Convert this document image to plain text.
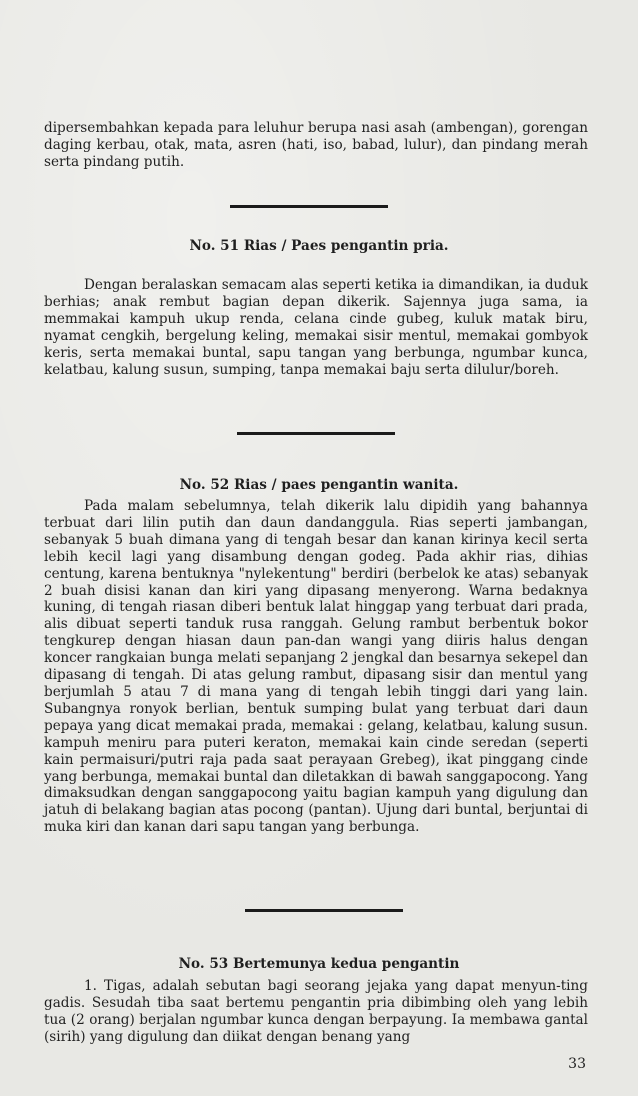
dipersembahkan kepada para leluhur berupa nasi asah (ambengan), gorengan daging kerbau, otak, mata, asren (hati, iso, babad, lulur), dan pindang merah serta pindang putih.

No. 51 Rias / Paes pengantin pria.

Dengan beralaskan semacam alas seperti ketika ia dimandikan, ia duduk berhias; anak rembut bagian depan dikerik. Sajennya juga sama, ia memmakai kampuh ukup renda, celana cinde gubeg, kuluk matak biru, nyamat cengkih, bergelung keling, memakai sisir mentul, memakai gombyok keris, serta memakai buntal, sapu tangan yang berbunga, ngumbar kunca, kelatbau, kalung susun, sumping, tanpa memakai baju serta dilulur/boreh.

No. 52 Rias / paes pengantin wanita.

Pada malam sebelumnya, telah dikerik lalu dipidih yang bahannya terbuat dari lilin putih dan daun dandanggula. Rias seperti jambangan, sebanyak 5 buah dimana yang di tengah besar dan kanan kirinya kecil serta lebih kecil lagi yang disambung dengan godeg. Pada akhir rias, dihias centung, karena bentuknya "nylekentung" berdiri (berbelok ke atas) sebanyak 2 buah disisi kanan dan kiri yang dipasang menyerong. Warna bedaknya kuning, di tengah riasan diberi bentuk lalat hinggap yang terbuat dari prada, alis dibuat seperti tanduk rusa ranggah. Gelung rambut berbentuk bokor tengkurep dengan hiasan daun pan-dan wangi yang diiris halus dengan koncer rangkaian bunga melati sepanjang 2 jengkal dan besarnya sekepel dan dipasang di tengah. Di atas gelung rambut, dipasang sisir dan mentul yang berjumlah 5 atau 7 di mana yang di tengah lebih tinggi dari yang lain. Subangnya ronyok berlian, bentuk sumping bulat yang terbuat dari daun pepaya yang dicat memakai prada, memakai : gelang, kelatbau, kalung susun. kampuh meniru para puteri keraton, memakai kain cinde seredan (seperti kain permaisuri/putri raja pada saat perayaan Grebeg), ikat pinggang cinde yang berbunga, memakai buntal dan diletakkan di bawah sanggapocong. Yang dimaksudkan dengan sanggapocong yaitu bagian kampuh yang digulung dan jatuh di belakang bagian atas pocong (pantan). Ujung dari buntal, berjuntai di muka kiri dan kanan dari sapu tangan yang berbunga.

No. 53 Bertemunya kedua pengantin

1. Tigas, adalah sebutan bagi seorang jejaka yang dapat menyun-ting gadis. Sesudah tiba saat bertemu pengantin pria dibimbing oleh yang lebih tua (2 orang) berjalan ngumbar kunca dengan berpayung. Ia membawa gantal (sirih) yang digulung dan diikat dengan benang yang

33
